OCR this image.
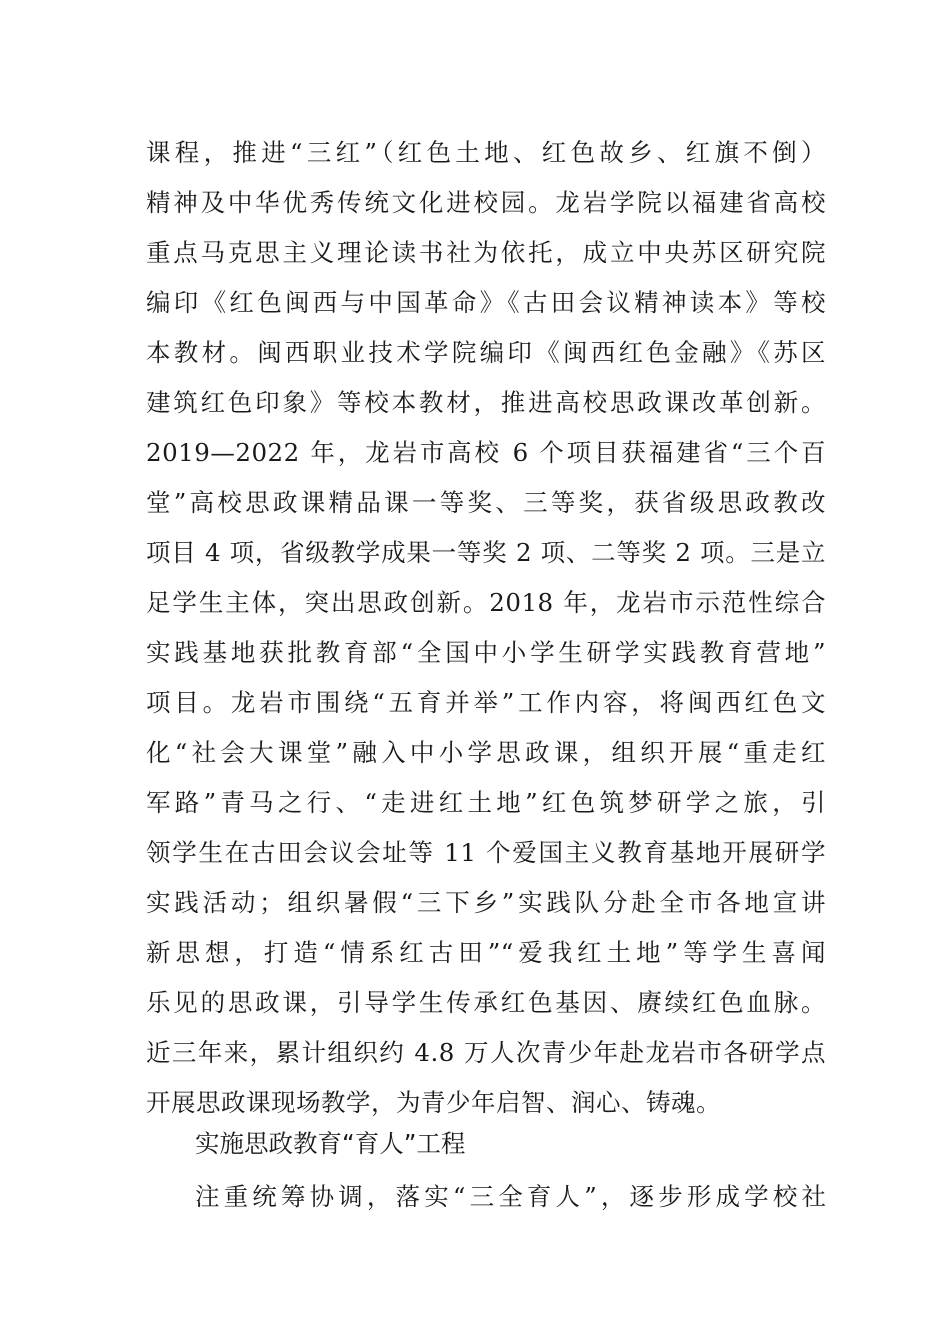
课程，推进“三红”（红色土地、红色故乡、红旗不倒）
精神及中华优秀传统文化进校园。龙岩学院以福建省高校
重点马克思主义理论读书社为依托，成立中央苏区研究院
编印《红色闽西与中国革命》《古田会议精神读本》等校
本教材。闽西职业技术学院编印《闽西红色金融》《苏区
建筑红色印象》等校本教材，推进高校思政课改革创新。
2019—2022 年，龙岩市高校 6 个项目获福建省“三个百
堂”高校思政课精品课一等奖、三等奖，获省级思政教改
项目 4 项，省级教学成果一等奖 2 项、二等奖 2 项。三是立
足学生主体，突出思政创新。2018 年，龙岩市示范性综合
实践基地获批教育部“全国中小学生研学实践教育营地”
项目。龙岩市围绕“五育并举”工作内容，将闽西红色文
化“社会大课堂”融入中小学思政课，组织开展“重走红
军路”青马之行、“走进红土地”红色筑梦研学之旅，引
领学生在古田会议会址等 11 个爱国主义教育基地开展研学
实践活动；组织暑假“三下乡”实践队分赴全市各地宣讲
新思想，打造“情系红古田”“爱我红土地”等学生喜闻
乐见的思政课，引导学生传承红色基因、赓续红色血脉。
近三年来，累计组织约 4.8 万人次青少年赴龙岩市各研学点
开展思政课现场教学，为青少年启智、润心、铸魂。
实施思政教育“育人”工程
注重统筹协调，落实“三全育人”，逐步形成学校社
